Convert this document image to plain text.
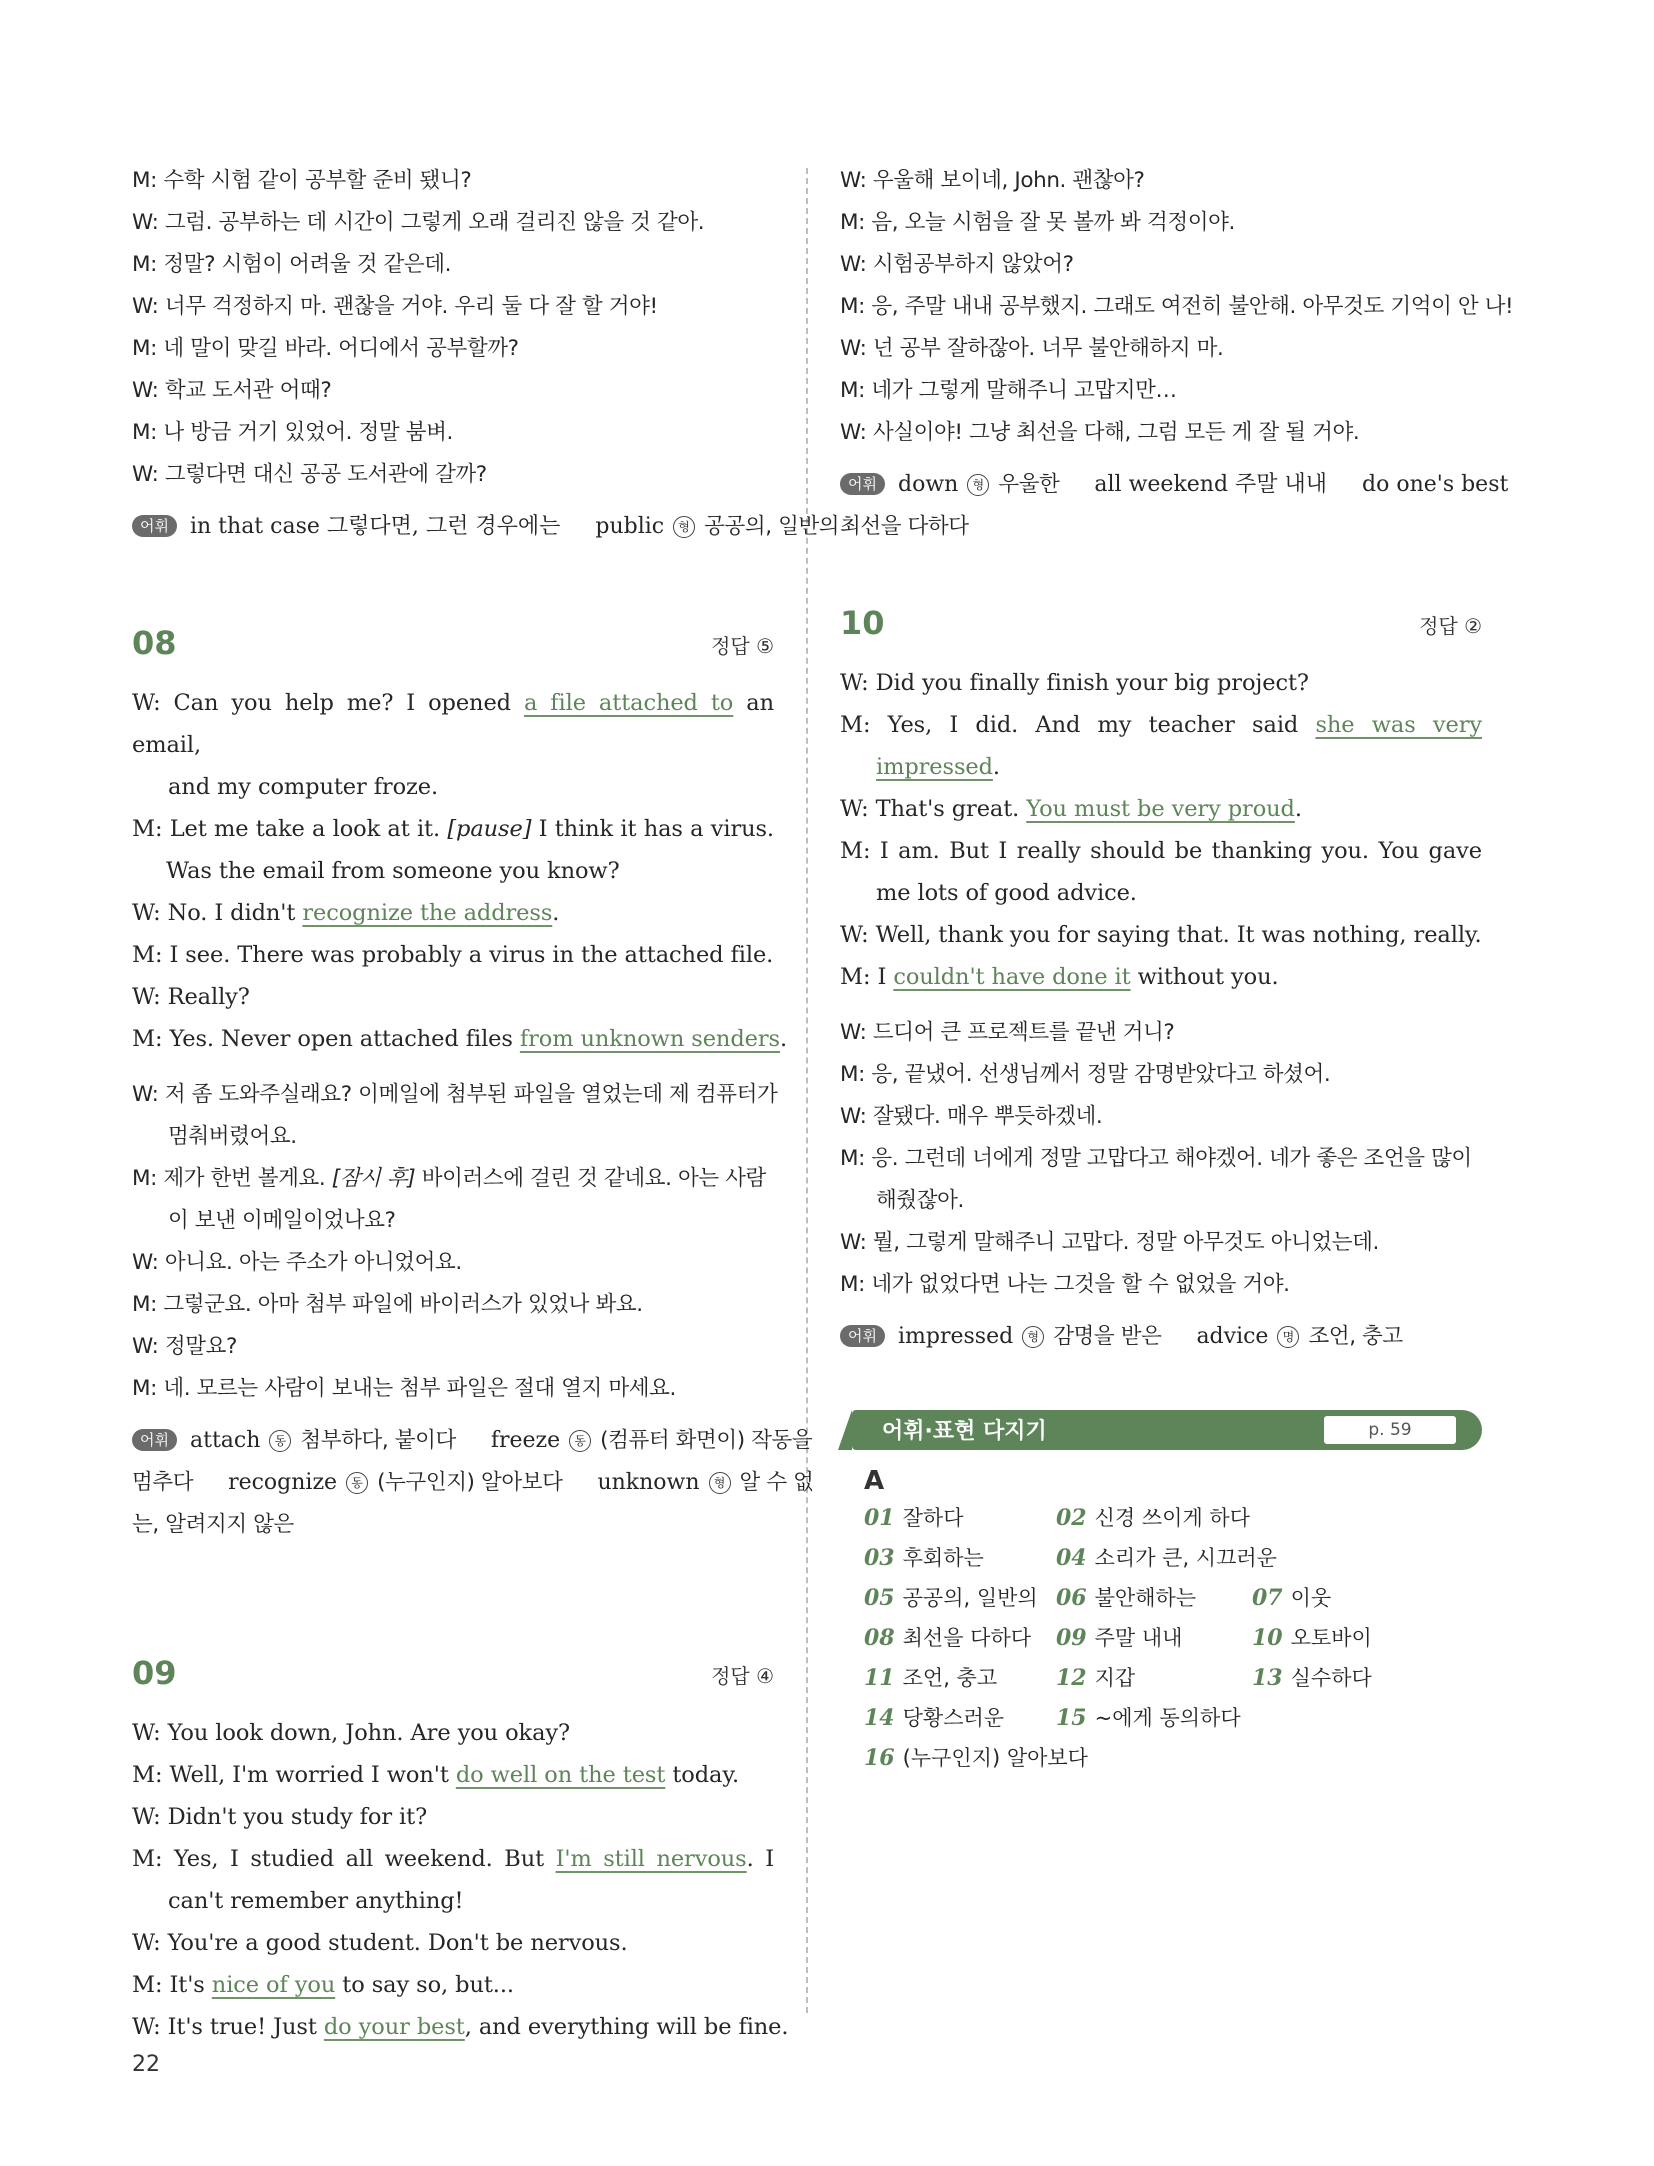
M: 수학 시험 같이 공부할 준비 됐니?
W: 그럼. 공부하는 데 시간이 그렇게 오래 걸리진 않을 것 같아.
M: 정말? 시험이 어려울 것 같은데.
W: 너무 걱정하지 마. 괜찮을 거야. 우리 둘 다 잘 할 거야!
M: 네 말이 맞길 바라. 어디에서 공부할까?
W: 학교 도서관 어때?
M: 나 방금 거기 있었어. 정말 붐벼.
W: 그렇다면 대신 공공 도서관에 갈까?
어휘 in that case 그렇다면, 그런 경우에는 public 형 공공의, 일반의
08	정답 ⑤
W: Can you help me? I opened a file attached to an email,
and my computer froze.
M: Let me take a look at it. [pause] I think it has a virus.
Was the email from someone you know?
W: No. I didn't recognize the address.
M: I see. There was probably a virus in the attached file.
W: Really?
M: Yes. Never open attached files from unknown senders.
W: 저 좀 도와주실래요? 이메일에 첨부된 파일을 열었는데 제 컴퓨터가
멈춰버렸어요.
M: 제가 한번 볼게요. [잠시 후] 바이러스에 걸린 것 같네요. 아는 사람
이 보낸 이메일이었나요?
W: 아니요. 아는 주소가 아니었어요.
M: 그렇군요. 아마 첨부 파일에 바이러스가 있었나 봐요.
W: 정말요?
M: 네. 모르는 사람이 보내는 첨부 파일은 절대 열지 마세요.
어휘 attach 동 첨부하다, 붙이다 freeze 동 (컴퓨터 화면이) 작동을
멈추다 recognize 동 (누구인지) 알아보다 unknown 형 알 수 없
는, 알려지지 않은
09	정답 ④
W: You look down, John. Are you okay?
M: Well, I'm worried I won't do well on the test today.
W: Didn't you study for it?
M: Yes, I studied all weekend. But I'm still nervous. I
can't remember anything!
W: You're a good student. Don't be nervous.
M: It's nice of you to say so, but...
W: It's true! Just do your best, and everything will be fine.
W: 우울해 보이네, John. 괜찮아?
M: 음, 오늘 시험을 잘 못 볼까 봐 걱정이야.
W: 시험공부하지 않았어?
M: 응, 주말 내내 공부했지. 그래도 여전히 불안해. 아무것도 기억이 안 나!
W: 넌 공부 잘하잖아. 너무 불안해하지 마.
M: 네가 그렇게 말해주니 고맙지만…
W: 사실이야! 그냥 최선을 다해, 그럼 모든 게 잘 될 거야.
어휘 down 형 우울한 all weekend 주말 내내 do one's best
최선을 다하다
10	정답 ②
W: Did you finally finish your big project?
M: Yes, I did. And my teacher said she was very
impressed.
W: That's great. You must be very proud.
M: I am. But I really should be thanking you. You gave
me lots of good advice.
W: Well, thank you for saying that. It was nothing, really.
M: I couldn't have done it without you.
W: 드디어 큰 프로젝트를 끝낸 거니?
M: 응, 끝냈어. 선생님께서 정말 감명받았다고 하셨어.
W: 잘됐다. 매우 뿌듯하겠네.
M: 응. 그런데 너에게 정말 고맙다고 해야겠어. 네가 좋은 조언을 많이
해줬잖아.
W: 뭘, 그렇게 말해주니 고맙다. 정말 아무것도 아니었는데.
M: 네가 없었다면 나는 그것을 할 수 없었을 거야.
어휘 impressed 형 감명을 받은 advice 명 조언, 충고
어휘·표현 다지기	p. 59
A
01 잘하다	02 신경 쓰이게 하다
03 후회하는	04 소리가 큰, 시끄러운
05 공공의, 일반의 06 불안해하는	07 이웃
08 최선을 다하다 09 주말 내내	10 오토바이
11 조언, 충고	12 지갑	13 실수하다
14 당황스러운 15 ~에게 동의하다
16 (누구인지) 알아보다
22
